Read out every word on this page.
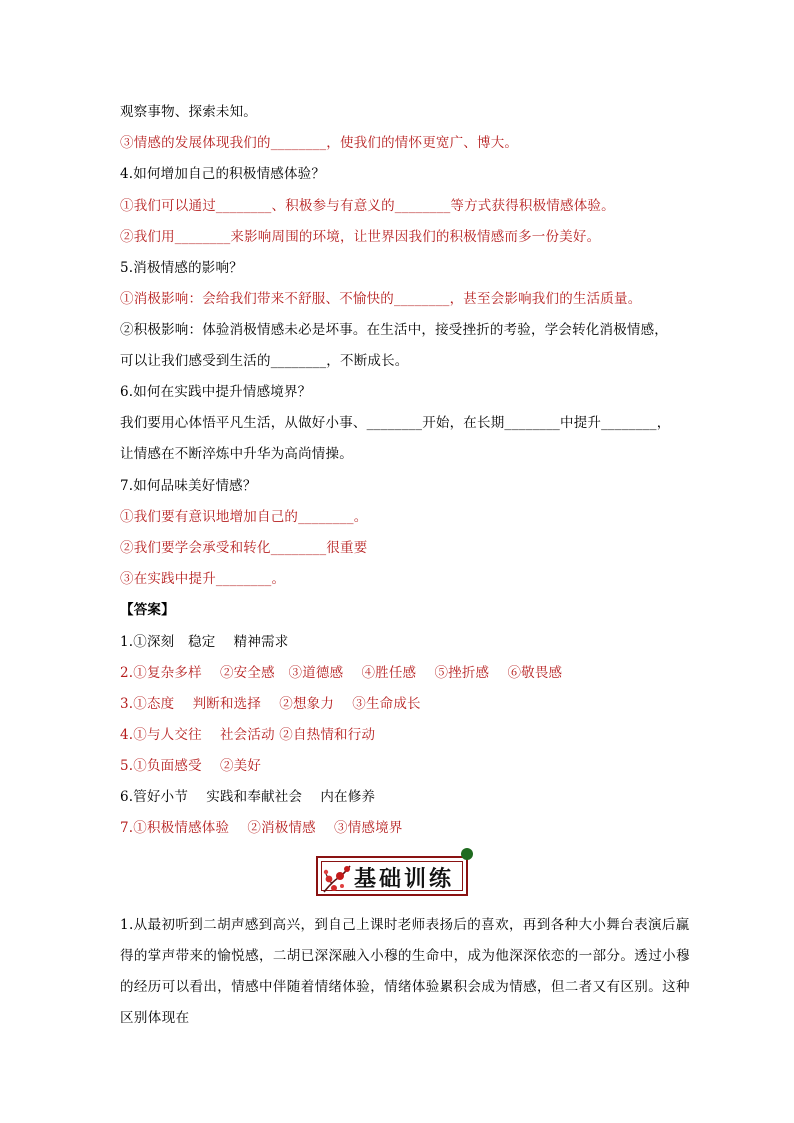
观察事物、探索未知。
③情感的发展体现我们的________，使我们的情怀更宽广、博大。
4.如何增加自己的积极情感体验？
①我们可以通过________、积极参与有意义的________等方式获得积极情感体验。
②我们用________来影响周围的环境，让世界因我们的积极情感而多一份美好。
5.消极情感的影响？
①消极影响：会给我们带来不舒服、不愉快的________，甚至会影响我们的生活质量。
②积极影响：体验消极情感未必是坏事。在生活中，接受挫折的考验，学会转化消极情感，
可以让我们感受到生活的________，不断成长。
6.如何在实践中提升情感境界？
我们要用心体悟平凡生活，从做好小事、________开始，在长期________中提升________，
让情感在不断淬炼中升华为高尚情操。
7.如何品味美好情感？
①我们要有意识地增加自己的________。
②我们要学会承受和转化________很重要
③在实践中提升________。
【答案】
1.①深刻　稳定　 精神需求
2.①复杂多样　 ②安全感　③道德感　 ④胜任感　 ⑤挫折感　 ⑥敬畏感
3.①态度　 判断和选择　 ②想象力　 ③生命成长
4.①与人交往　 社会活动 ②自热情和行动
5.①负面感受　 ②美好
6.管好小节　 实践和奉献社会　 内在修养
7.①积极情感体验　 ②消极情感　 ③情感境界
基础训练
1.从最初听到二胡声感到高兴，到自己上课时老师表扬后的喜欢，再到各种大小舞台表演后赢得的掌声带来的愉悦感，二胡已深深融入小穆的生命中，成为他深深依恋的一部分。透过小穆的经历可以看出，情感中伴随着情绪体验，情绪体验累积会成为情感，但二者又有区别。这种区别体现在
